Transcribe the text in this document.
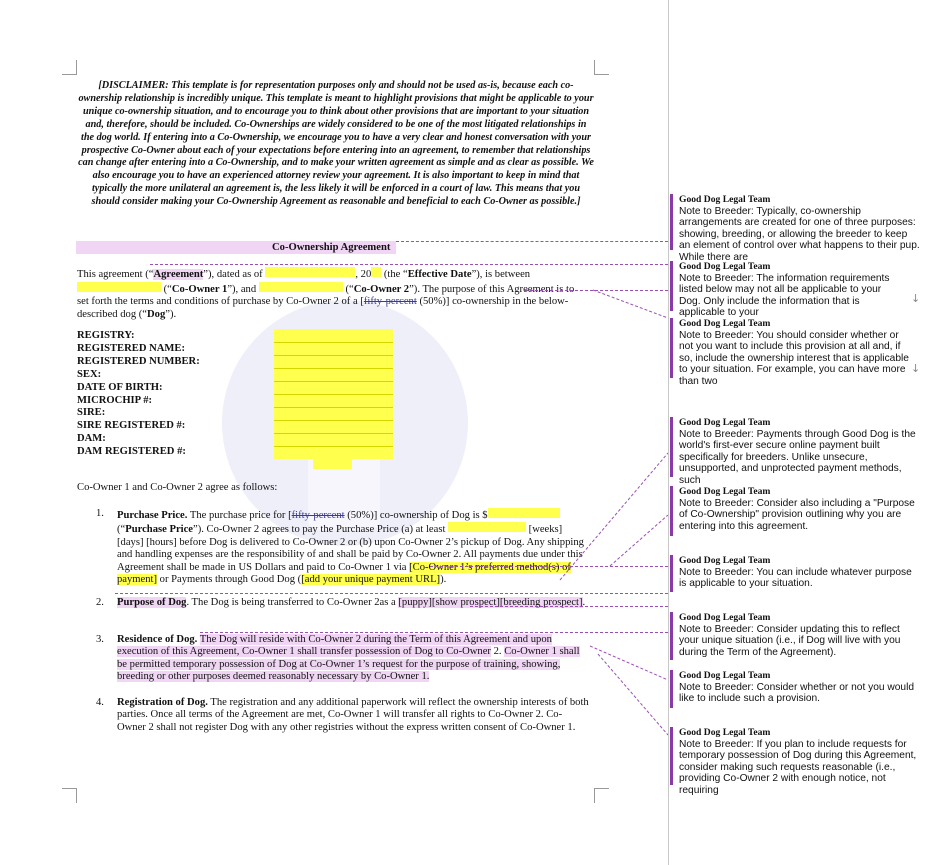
[DISCLAIMER: This template is for representation purposes only and should not be used as-is, because each co-ownership relationship is incredibly unique. This template is meant to highlight provisions that might be applicable to your unique co-ownership situation, and to encourage you to think about other provisions that are important to your situation and, therefore, should be included. Co-Ownerships are widely considered to be one of the most litigated relationships in the dog world. If entering into a Co-Ownership, we encourage you to have a very clear and honest conversation with your prospective Co-Owner about each of your expectations before entering into an agreement, to remember that relationships can change after entering into a Co-Ownership, and to make your written agreement as simple and as clear as possible. We also encourage you to have an experienced attorney review your agreement. It is also important to keep in mind that typically the more unilateral an agreement is, the less likely it will be enforced in a court of law. This means that you should consider making your Co-Ownership Agreement as reasonable and beneficial to each Co-Owner as possible.]
Co-Ownership Agreement
This agreement (“Agreement”), dated as of	, 20 (the “Effective Date”), is between
(“Co-Owner 1”), and	(“Co-Owner 2”). The purpose of this Agreement is to set forth the terms and conditions of purchase by Co-Owner 2 of a [fifty-percent (50%)] co-ownership in the below-described dog (“Dog”).
REGISTRY:
REGISTERED NAME:
REGISTERED NUMBER:
SEX:
DATE OF BIRTH:
MICROCHIP #:
SIRE:
SIRE REGISTERED #:
DAM:
DAM REGISTERED #:
Co-Owner 1 and Co-Owner 2 agree as follows:
1. Purchase Price. The purchase price for [fifty-percent (50%)] co-ownership of Dog is $
(“Purchase Price”). Co-Owner 2 agrees to pay the Purchase Price (a) at least	[weeks] [days] [hours] before Dog is delivered to Co-Owner 2 or (b) upon Co-Owner 2’s pickup of Dog. Any shipping and handling expenses are the responsibility of and shall be paid by Co-Owner 2. All payments due under this Agreement shall be made in US Dollars and paid to Co-Owner 1 via [Co-Owner 1’s preferred method(s) of payment] or Payments through Good Dog ([add your unique payment URL]).
2. Purpose of Dog. The Dog is being transferred to Co-Owner 2as a [puppy][show prospect][breeding prospect].
3. Residence of Dog. The Dog will reside with Co-Owner 2 during the Term of this Agreement and upon execution of this Agreement, Co-Owner 1 shall transfer possession of Dog to Co-Owner 2. Co-Owner 1 shall be permitted temporary possession of Dog at Co-Owner 1’s request for the purpose of training, showing, breeding or other purposes deemed reasonably necessary by Co-Owner 1.
4. Registration of Dog. The registration and any additional paperwork will reflect the ownership interests of both parties. Once all terms of the Agreement are met, Co-Owner 1 will transfer all rights to Co-Owner 2. Co-Owner 2 shall not register Dog with any other registries without the express written consent of Co-Owner 1.
Good Dog Legal Team
Note to Breeder: Typically, co-ownership arrangements are created for one of three purposes: showing, breeding, or allowing the breeder to keep an element of control over what happens to their pup. While there are
Good Dog Legal Team
Note to Breeder: The information requirements listed below may not all be applicable to your Dog. Only include the information that is applicable to your
↓
Good Dog Legal Team
Note to Breeder: You should consider whether or not you want to include this provision at all and, if so, include the ownership interest that is applicable to your situation. For example, you can have more than two
↓
Good Dog Legal Team
Note to Breeder: Payments through Good Dog is the world's first-ever secure online payment built specifically for breeders. Unlike unsecure, unsupported, and unprotected payment methods, such
Good Dog Legal Team
Note to Breeder: Consider also including a "Purpose of Co-Ownership" provision outlining why you are entering into this agreement.
Good Dog Legal Team
Note to Breeder: You can include whatever purpose is applicable to your situation.
Good Dog Legal Team
Note to Breeder: Consider updating this to reflect your unique situation (i.e., if Dog will live with you during the Term of the Agreement).
Good Dog Legal Team
Note to Breeder: Consider whether or not you would like to include such a provision.
Good Dog Legal Team
Note to Breeder: If you plan to include requests for temporary possession of Dog during this Agreement, consider making such requests reasonable (i.e., providing Co-Owner 2 with enough notice, not requiring
